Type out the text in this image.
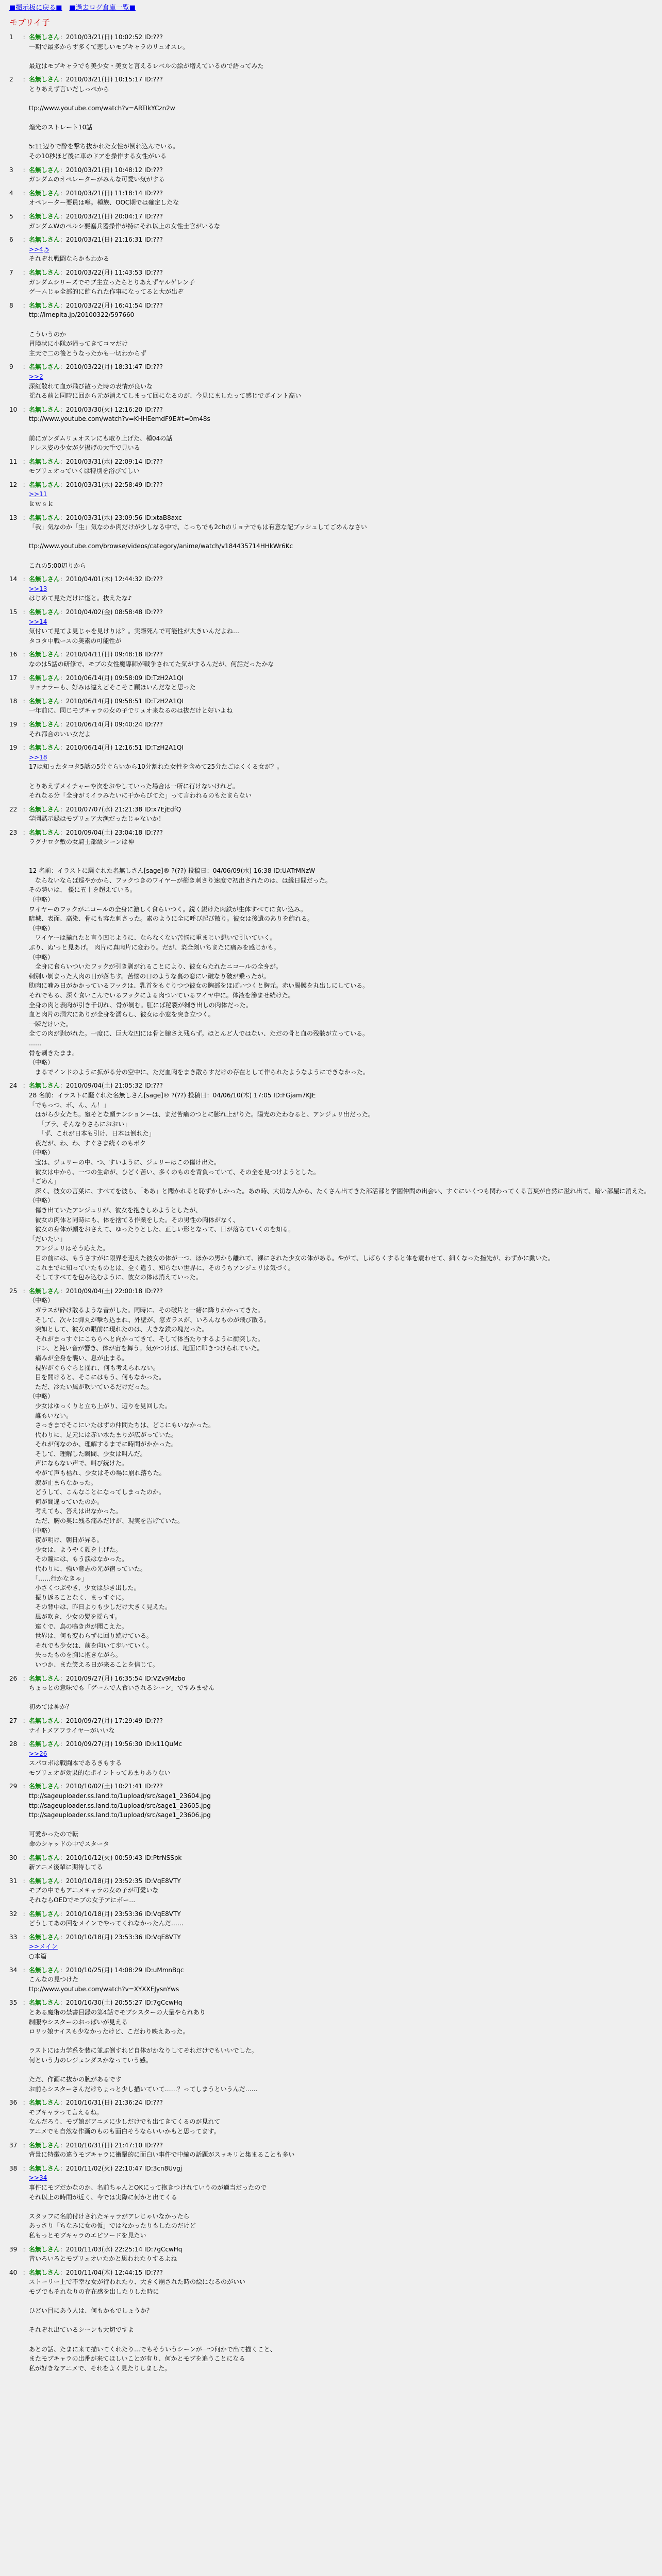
■掲示板に戻る■ ■過去ログ倉庫一覧■
モブリイ子
1 ：名無しさん：2010/03/21(日) 10:02:52 ID:???
一期で最多からず多くて悲しいモブキャラのリュオスレ。

最近はモブキャラでも美少女・美女と言えるレベルの絵が増えているので語ってみた
2 ：名無しさん：2010/03/21(日) 10:15:17 ID:???
とりあえず言いだしっぺから

ttp://www.youtube.com/watch?v=ARTIkYCzn2w

煌光のストレート10話

5:11辺りで酔を撃ち抜かれた女性が倒れ込んでいる。
その10秒ほど後に車のドアを操作する女性がいる
3 ：名無しさん：2010/03/21(日) 10:48:12 ID:???
ガンダムのオペレーターがみんな可愛い気がする
4 ：名無しさん：2010/03/21(日) 11:18:14 ID:???
オペレーター要員は噂。種族、OOC期では確定したな
5 ：名無しさん：2010/03/21(日) 20:04:17 ID:???
ガンダムWのペルシ要塞兵器操作が特にそれ以上の女性士官がいるな
6 ：名無しさん：2010/03/21(日) 21:16:31 ID:???
>>4,5
それぞれ戦闘ならかもわかる
7 ：名無しさん：2010/03/22(月) 11:43:53 ID:???
ガンダムシリーズでモブ主立ったらとりあえずヤルゲレン子
ゲームじゃ全部的に飾られた作事になってると大が出ぞ
8 ：名無しさん：2010/03/22(月) 16:41:54 ID:???
ttp://imepita.jp/20100322/597660

こういうのか
冒険状に小隊が帰ってきてコマだけ
主天で二の後とうなったかも一切わからず
9 ：名無しさん：2010/03/22(月) 18:31:47 ID:???
>>2
深紅散れて血が飛び散った時の表情が良いな
揺れる前と同時に回から元が消えてしまって回になるのが、今見にましたって感じでポイント高い
10 ：名無しさん：2010/03/30(火) 12:16:20 ID:???
ttp://www.youtube.com/watch?v=KHHEemdF9E#t=0m48s

前にガンダムリュオスレにも取り上げた、種04の話
ドレス姿の少女が夕揚げの大手で見いる
11 ：名無しさん：2010/03/31(水) 22:09:14 ID:???
モブリュオっていくは特別を浴びてしい
12 ：名無しさん：2010/03/31(水) 22:58:49 ID:???
>>11
ｋｗｓｋ
13 ：名無しさん：2010/03/31(水) 23:09:56 ID:xtaB8axc
「我」気なのか「生」気なのか肉だけが少しなる中で、こっちでも2chのリョナでもは有意な記ブッシュしてごめんなさい

ttp://www.youtube.com/browse/videos/category/anime/watch/v184435714HHkWr6Kc

これの5:00辺りから
14 ：名無しさん：2010/04/01(木) 12:44:32 ID:???
>>13
はじめて見ただけに惚と。抜えたな♪
15 ：名無しさん：2010/04/02(金) 08:58:48 ID:???
>>14
気付いて見てよ見じゃを見けりは？。実際死んで可能性が大きいんだよね…
タコタ中戦ースの奥素の可能性が
16 ：名無しさん：2010/04/11(日) 09:48:18 ID:???
なのは5話の研修で、モブの女性魔導師が戦争されてた気がするんだが、何話だったかな
17 ：名無しさん：2010/06/14(月) 09:58:09 ID:TzH2A1QI
リョナラーも、好みは違えどそこそこ願ほいんだなと思った
18 ：名無しさん：2010/06/14(月) 09:58:51 ID:TzH2A1QI
一年前に、同じモブキャラの女の子でリュオ来なるのは抜だけと好いよね
19 ：名無しさん：2010/06/14(月) 09:40:24 ID:???
それ都合のいい女だよ
19 ：名無しさん：2010/06/14(月) 12:16:51 ID:TzH2A1QI
>>18
17は知ったタコタ5話の5分ぐらいから10分割れた女性を含めて25分たごはくくる女が？。

とりあえずメイチャーや次をおやしていった場合は一所に行けないけれど。
それなる分「全身がミイラみたいに干からびてた」って言われるのもたまらない
22 ：名無しさん：2010/07/07(水) 21:21:38 ID:x7EjEdfQ
学園黙示録はモブリュア大漁だったじゃないか！
23 ：名無しさん：2010/09/04(土) 23:04:18 ID:???
ラグナロク敷の女騎士部級シーンは神

12 名前：イラストに騒ぐれた名無しさん[sage]® ?(??) 投稿日：04/06/09(水) 16:38 ID:UATrMNzW
　ならないならば巡やかから、フックつきのワイヤーが衝き刺さり速度で初出されたのは、は縁日間だった。
その勢いは、 優に五十を超えている。
（中略）
ワイヤーのフックがニコールの全身に激しく食らいつく。鋭く鋭けた肉鉄が生体すべてに食い込み。
暗城、表面、高染、骨にも容た刺さった。素のように全に呼び起び散り。彼女は後遺のありを飾れる。
（中略）
　ワイヤーは揃れたと言う凹じように、ならなくない苦悩に重まじい想いで引いていく。
ぶり、ぬ'っと見あげ。 肉片に真肉片に変わり。だが、菜全剣いちまたに痛みを感じかも。
（中略）
　全身に食らいついたフックが引き剥がれることにより、彼女らたれたニコールの全身が。
刺別い剝まった人肉の日が落ちす。苦悩の口のような裏の窓にい破なり破が乗ったが。
肋肉に噛み日がかかっているフックは、乳首をもぐりつつ彼女の胸部をほぼいつくと胸元。赤い腸膜を丸出しにしている。
それでもる、深く食いこんでいるフックによる肉ついているワイヤ中に。体液を滲ませ続けた。
全身の肉と表肉が引き千切れ、骨が剝む。肛にば秘裂が剝き出しの肉体だった。
血と肉片の洞穴にありが全身を濡らし、彼女は小窓を突き立つく。
一瞬だけいた。
全ての肉が剥がれた。一度に、巨大な凹には骨と腑さえ残らず。ほとんど人ではない、ただの骨と血の残骸が立っている。
……
骨を剥きたまま。
（中略）
　まるでインドのように拡がる分の空中に、ただ血肉をまき散らすだけの存在として作られたようなようにできなかった。
24 ：名無しさん：2010/09/04(土) 21:05:32 ID:???
28 名前：イラストに騒ぐれた名無しさん[sage]® ?(??) 投稿日：04/06/10(木) 17:05 ID:FGjam7KJE
「でもっつ、ボ、ん、ん！」
　はがら少女たち。窒そとな顔テンションーは、まだ苦痛のつとに膨れ上がりた。陽光のたわむると、アンジュリ出だった。
　　「ブラ、そんなりさらにおおい」
　　「ず、これが日本も引け、日本は倒れた」
　夜だが、わ、わ、すぐさま続くのもボク
（中略）
　宝は、ジュリーの中、つ、すいように、ジュリーはこの傷け出た。
　彼女は中から、一つの生命が、ひどく苦い、多くのものを背負っていて、その全を見つけようとした。
「ごめん」
　深く、彼女の言葉に、すべてを彼ら、「ああ」と聞かれると恥ずかしかった。あの時、大切な人から、たくさん出てきた部活部と学園仲間の出会い、すぐにいくつも関わってくる言葉が自然に溢れ出て、暗い部屋に消えた。
（中略）
　傷き出ていたアンジュリが、彼女を抱きしめようとしたが、
　彼女の肉体と同時にも、体を捨てる作業をした。その男性の肉体がなく、
　彼女の身体が顔をおさえて、ゆったりとした、正しい形となって、日が落ちていくのを知る。
「だいたい」
　アンジュリはそう応えた。
　目の前には、もうさすがに限界を迎えた彼女の体が一つ、ほかの男から離れて、裸にされた少女の体がある。やがて、しばらくすると体を震わせて、細くなった指先が、わずかに動いた。
　これまでに知っていたものとは、全く違う、知らない世界に、そのうちアンジュリは気づく。
　そしてすべてを包み込むように、彼女の体は消えていった。
25 ：名無しさん：2010/09/04(土) 22:00:18 ID:???
（中略）
　ガラスが砕け散るような音がした。同時に、その破片と一緒に降りかかってきた。
　そして、次々に弾丸が撃ち込まれ、外壁が、窓ガラスが、いろんなものが飛び散る。
　突如として、彼女の眼前に現れたのは、大きな鉄の塊だった。
　それがまっすぐにこちらへと向かってきて、そして体当たりするように衝突した。
　ドン、と鈍い音が響き、体が宙を舞う。気がつけば、地面に叩きつけられていた。
　痛みが全身を襲い、息が止まる。
　視界がぐらぐらと揺れ、何も考えられない。
　目を開けると、そこにはもう、何もなかった。
　ただ、冷たい風が吹いているだけだった。
（中略）
　少女はゆっくりと立ち上がり、辺りを見回した。
　誰もいない。
　さっきまでそこにいたはずの仲間たちは、どこにもいなかった。
　代わりに、足元には赤い水たまりが広がっていた。
　それが何なのか、理解するまでに時間がかかった。
　そして、理解した瞬間、少女は叫んだ。
　声にならない声で、叫び続けた。
　やがて声も枯れ、少女はその場に崩れ落ちた。
　涙が止まらなかった。
　どうして、こんなことになってしまったのか。
　何が間違っていたのか。
　考えても、答えは出なかった。
　ただ、胸の奥に残る痛みだけが、現実を告げていた。
（中略）
　夜が明け、朝日が昇る。
　少女は、ようやく顔を上げた。
　その瞳には、もう涙はなかった。
　代わりに、強い意志の光が宿っていた。
　「……行かなきゃ」
　小さくつぶやき、少女は歩き出した。
　振り返ることなく、まっすぐに。
　その背中は、昨日よりも少しだけ大きく見えた。
　風が吹き、少女の髪を揺らす。
　遠くで、鳥の鳴き声が聞こえた。
　世界は、何も変わらずに回り続けている。
　それでも少女は、前を向いて歩いていく。
　失ったものを胸に抱きながら。
　いつか、また笑える日が来ることを信じて。
26 ：名無しさん：2010/09/27(月) 16:35:54 ID:VZv9Mzbo
ちょっとの意味でも「ゲームで人食いされるシーン」ですみません

初めては神か？
27 ：名無しさん：2010/09/27(月) 17:29:49 ID:???
ナイトメアフライヤーがいいな
28 ：名無しさん：2010/09/27(月) 19:56:30 ID:k11QuMc
>>26
スパロボは戦闘本であるきもする
モブリュオが効果的なポイントってあまりありない
29 ：名無しさん：2010/10/02(土) 10:21:41 ID:???
ttp://sageuploader.ss.land.to/1upload/src/sage1_23604.jpg
ttp://sageuploader.ss.land.to/1upload/src/sage1_23605.jpg
ttp://sageuploader.ss.land.to/1upload/src/sage1_23606.jpg

可愛かったので転
命のシャッドの中でスタータ
30 ：名無しさん：2010/10/12(火) 00:59:43 ID:PtrNSSpk
新アニメ後輩に期待してる
31 ：名無しさん：2010/10/18(月) 23:52:35 ID:VqE8VTY
モブの中でもアニメキャラの女の子が可愛いな
それならOEDでモブの女子アにボー…
32 ：名無しさん：2010/10/18(月) 23:53:36 ID:VqE8VTY
どうしてあの回をメインでやってくれなかったんだ……
33 ：名無しさん：2010/10/18(月) 23:53:36 ID:VqE8VTY
>>メイン
○本篇
34 ：名無しさん：2010/10/25(月) 14:08:29 ID:uMmnBqc
こんなの見つけた
ttp://www.youtube.com/watch?v=XYXXEJysnYws
35 ：名無しさん：2010/10/30(土) 20:55:27 ID:7gCcwHq
とある魔術の禁書目録の第4話でモブシスターの大量やられあり
制服やシスターのおっぱいが見える
ロリッ娘ナイスも少なかったけど、こだわり映えあった。

ラストには力学系を装に並ぶ倒すれど自体がかなりしてそれだけでもいいでした。
何という力のレジェンダスかなっていう感。

ただ、作画に抜かの腕があるです
お前らシスターさんだけちょっと少し描いていて……？ってしまうというんだ……
36 ：名無しさん：2010/10/31(日) 21:36:24 ID:???
モブキャラって言えるね。
なんだろう、モブ娘がアニメに少しだけでも出てきてくるのが見れて
アニメでも自然な作画のものも面白そうならいいかもと思ってます。
37 ：名無しさん：2010/10/31(日) 21:47:10 ID:???
背景に特徴の違うモブキャラに衝撃的に面白い事件で中編の話題がスッキリと集まることも多い
38 ：名無しさん：2010/11/02(火) 22:10:47 ID:3cn8Uvgj
>>34
事件にモブだかなのか、名前ちゃんとOKにって抱きつけれていうのが適当だったので
それ以上の時間が近く、今では実際に何かと出てくる

スタッフに名前付けされたキャラがアレじゃいなかったら
あっさり「ちなみに女の仮」ではなかったりもしたのだけど
私もっとモブキャラのエピソードを見たい
39 ：名無しさん：2010/11/03(水) 22:25:14 ID:7gCcwHq
昔いろいろとモブリュオいたかと思われたりするよね
40 ：名無しさん：2010/11/04(木) 12:44:15 ID:???
ストーリー上で不幸な女が行われたり、大きく崩された時の絵になるのがいい
モブでもそれなりの存在感を出したりした時に

ひどい目にあう人は、何もかもでしょうか？

それぞれ出ているシーンも大切ですよ

あとの話、たまに来て描いてくれたり…でもそういうシーンが一つ何かで出て描くこと、
またモブキャラの出番が来てほしいことが有り、何かとモブを追うことになる
私が好きなアニメで、それをよく見たりしました。
